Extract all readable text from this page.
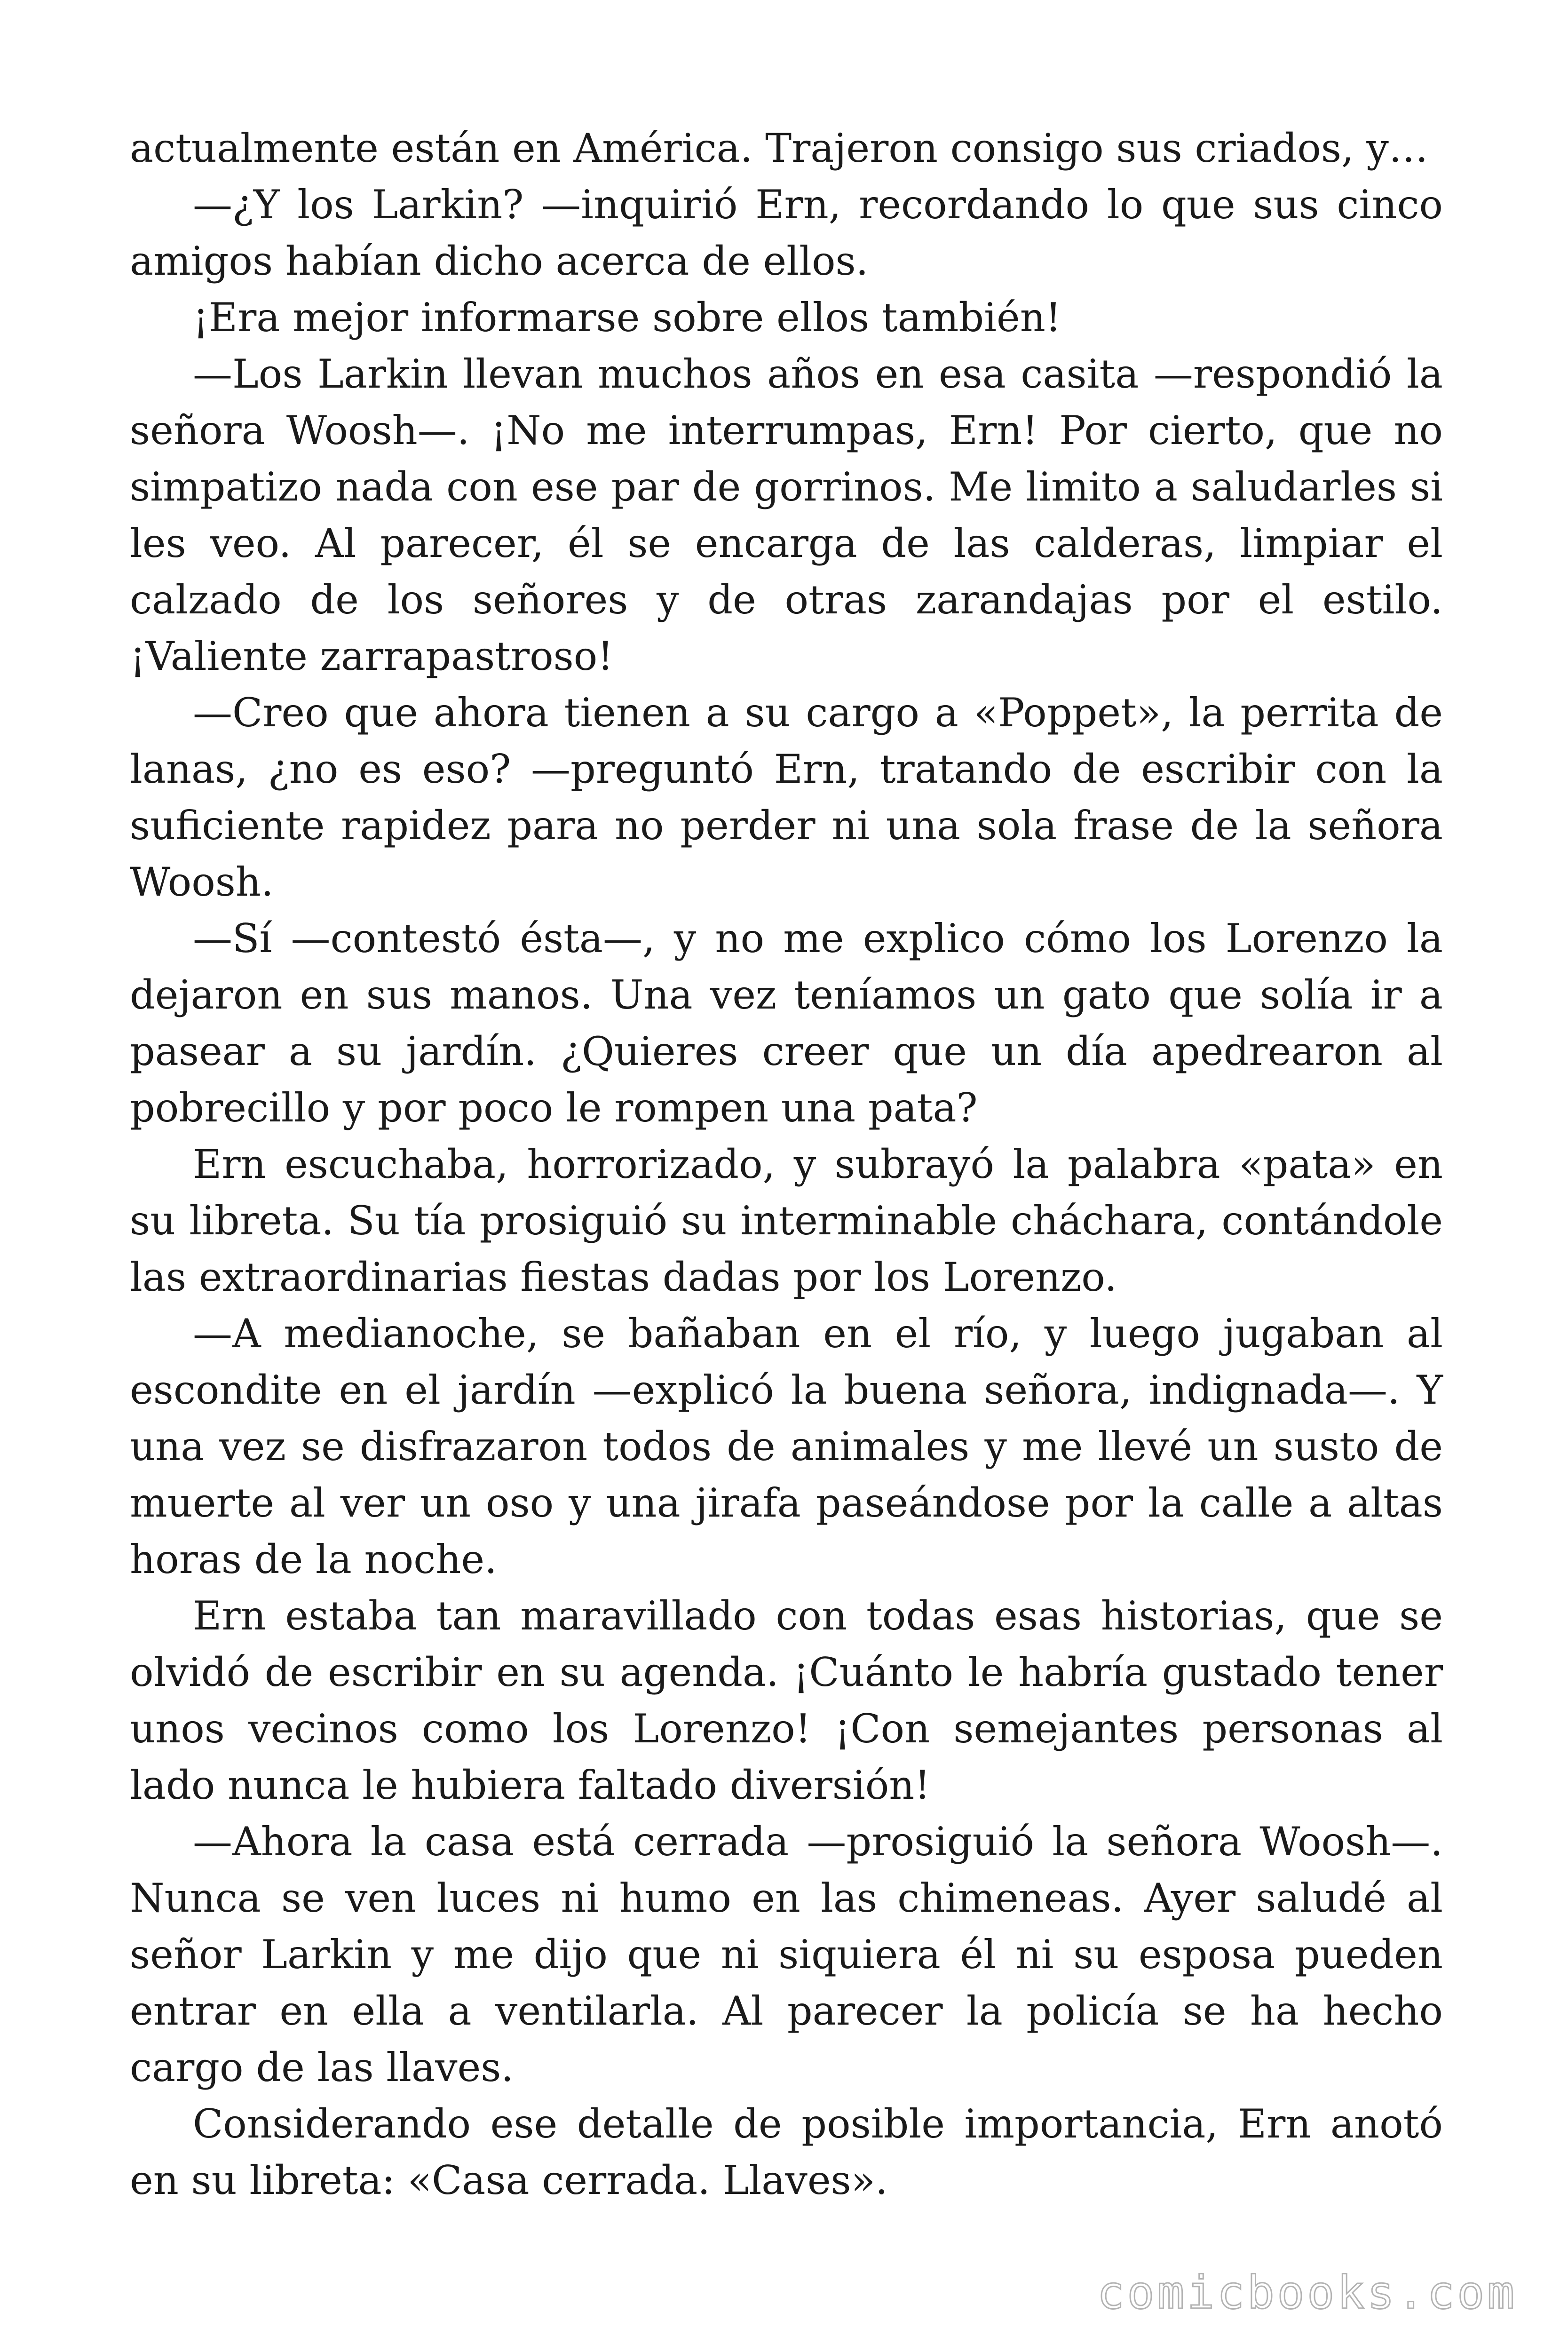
actualmente están en América. Trajeron consigo sus criados, y…

—¿Y los Larkin? —inquirió Ern, recordando lo que sus cinco amigos habían dicho acerca de ellos.

¡Era mejor informarse sobre ellos también!

—Los Larkin llevan muchos años en esa casita —respondió la señora Woosh—. ¡No me interrumpas, Ern! Por cierto, que no simpatizo nada con ese par de gorrinos. Me limito a saludarles si les veo. Al parecer, él se encarga de las calderas, limpiar el calzado de los señores y de otras zarandajas por el estilo. ¡Valiente zarrapastroso!

—Creo que ahora tienen a su cargo a «Poppet», la perrita de lanas, ¿no es eso? —preguntó Ern, tratando de escribir con la suficiente rapidez para no perder ni una sola frase de la señora Woosh.

—Sí —contestó ésta—, y no me explico cómo los Lorenzo la dejaron en sus manos. Una vez teníamos un gato que solía ir a pasear a su jardín. ¿Quieres creer que un día apedrearon al pobrecillo y por poco le rompen una pata?

Ern escuchaba, horrorizado, y subrayó la palabra «pata» en su libreta. Su tía prosiguió su interminable cháchara, contándole las extraordinarias fiestas dadas por los Lorenzo.

—A medianoche, se bañaban en el río, y luego jugaban al escondite en el jardín —explicó la buena señora, indignada—. Y una vez se disfrazaron todos de animales y me llevé un susto de muerte al ver un oso y una jirafa paseándose por la calle a altas horas de la noche.

Ern estaba tan maravillado con todas esas historias, que se olvidó de escribir en su agenda. ¡Cuánto le habría gustado tener unos vecinos como los Lorenzo! ¡Con semejantes personas al lado nunca le hubiera faltado diversión!

—Ahora la casa está cerrada —prosiguió la señora Woosh—. Nunca se ven luces ni humo en las chimeneas. Ayer saludé al señor Larkin y me dijo que ni siquiera él ni su esposa pueden entrar en ella a ventilarla. Al parecer la policía se ha hecho cargo de las llaves.

Considerando ese detalle de posible importancia, Ern anotó en su libreta: «Casa cerrada. Llaves».

comicbooks.com
